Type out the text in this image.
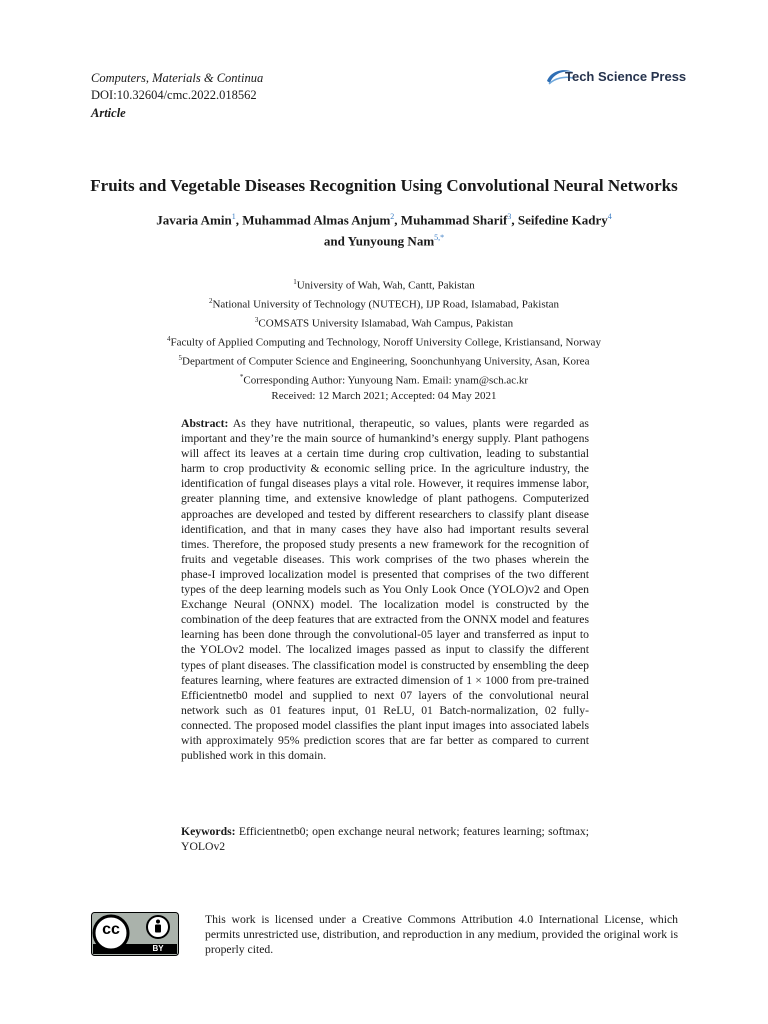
Computers, Materials & Continua
DOI:10.32604/cmc.2022.018562
Article
Tech Science Press
Fruits and Vegetable Diseases Recognition Using Convolutional Neural Networks
Javaria Amin$^1$, Muhammad Almas Anjum$^2$, Muhammad Sharif$^3$, Seifedine Kadry$^4$
and Yunyoung Nam$^{5,*}$
$^1$University of Wah, Wah, Cantt, Pakistan
$^2$National University of Technology (NUTECH), IJP Road, Islamabad, Pakistan
$^3$COMSATS University Islamabad, Wah Campus, Pakistan
$^4$Faculty of Applied Computing and Technology, Noroff University College, Kristiansand, Norway
$^5$Department of Computer Science and Engineering, Soonchunhyang University, Asan, Korea
*Corresponding Author: Yunyoung Nam. Email: ynam@sch.ac.kr
Received: 12 March 2021; Accepted: 04 May 2021
Abstract: As they have nutritional, therapeutic, so values, plants were regarded as important and they’re the main source of humankind’s energy supply. Plant pathogens will affect its leaves at a certain time during crop cultivation, leading to substantial harm to crop productivity & economic selling price. In the agriculture industry, the identification of fungal diseases plays a vital role. However, it requires immense labor, greater planning time, and extensive knowledge of plant pathogens. Computerized approaches are developed and tested by different researchers to classify plant disease identification, and that in many cases they have also had important results several times. Therefore, the proposed study presents a new framework for the recognition of fruits and vegetable diseases. This work comprises of the two phases wherein the phase-I improved localization model is presented that comprises of the two different types of the deep learning models such as You Only Look Once (YOLO)v2 and Open Exchange Neural (ONNX) model. The localization model is constructed by the combination of the deep features that are extracted from the ONNX model and features learning has been done through the convolutional-05 layer and transferred as input to the YOLOv2 model. The localized images passed as input to classify the different types of plant diseases. The classification model is constructed by ensembling the deep features learning, where features are extracted dimension of 1 × 1000 from pre-trained Efficientnetb0 model and supplied to next 07 layers of the convolutional neural network such as 01 features input, 01 ReLU, 01 Batch-normalization, 02 fully-connected. The proposed model classifies the plant input images into associated labels with approximately 95% prediction scores that are far better as compared to current published work in this domain.
Keywords: Efficientnetb0; open exchange neural network; features learning; softmax; YOLOv2
cc
BY
This work is licensed under a Creative Commons Attribution 4.0 International License, which permits unrestricted use, distribution, and reproduction in any medium, provided the original work is properly cited.
